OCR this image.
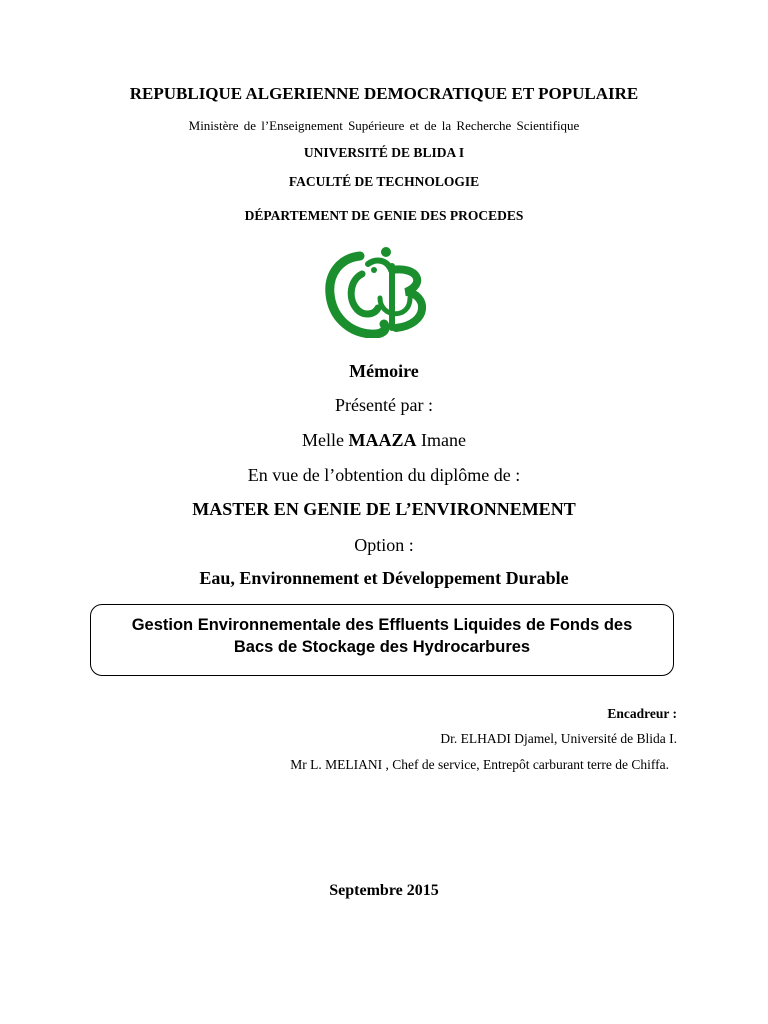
REPUBLIQUE ALGERIENNE DEMOCRATIQUE ET POPULAIRE
Ministère de l’Enseignement Supérieure et de la Recherche Scientifique
UNIVERSITÉ DE BLIDA I
FACULTÉ DE TECHNOLOGIE
DÉPARTEMENT DE GENIE DES PROCEDES
Mémoire
Présenté par :
Melle MAAZA Imane
En vue de l’obtention du diplôme de :
MASTER EN GENIE DE L’ENVIRONNEMENT
Option :
Eau, Environnement et Développement Durable
Gestion Environnementale des Effluents Liquides de Fonds des
Bacs de Stockage des Hydrocarbures
Encadreur :
Dr. ELHADI Djamel, Université de Blida I.
Mr L. MELIANI , Chef de service, Entrepôt carburant terre de Chiffa.
Septembre 2015
